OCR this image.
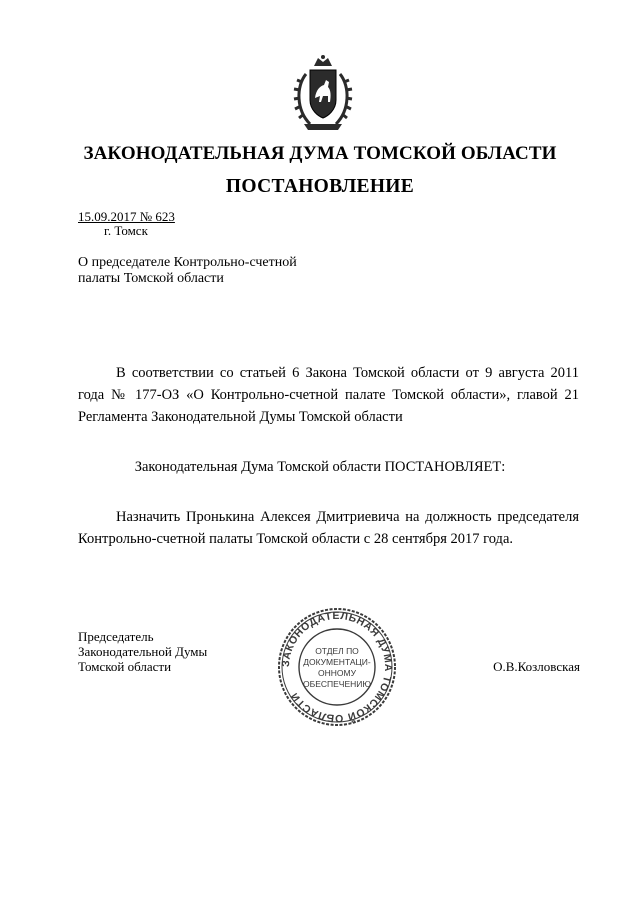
ЗАКОНОДАТЕЛЬНАЯ ДУМА ТОМСКОЙ ОБЛАСТИ
ПОСТАНОВЛЕНИЕ
15.09.2017 № 623
г. Томск
О председателе Контрольно-счетной
палаты Томской области
В соответствии со статьей 6 Закона Томской области от 9 августа 2011 года № 177-ОЗ «О Контрольно-счетной палате Томской области», главой 21 Регламента Законодательной Думы Томской области
Законодательная Дума Томской области ПОСТАНОВЛЯЕТ:
Назначить Пронькина Алексея Дмитриевича на должность председателя Контрольно-счетной палаты Томской области с 28 сентября 2017 года.
Председатель
Законодательной Думы
Томской области	О.В.Козловская
ЗАКОНОДАТЕЛЬНАЯ ДУМА ТОМСКОЙ ОБЛАСТИ
ОТДЕЛ ПО
ДОКУМЕНТАЦИ-
ОННОМУ
ОБЕСПЕЧЕНИЮ
